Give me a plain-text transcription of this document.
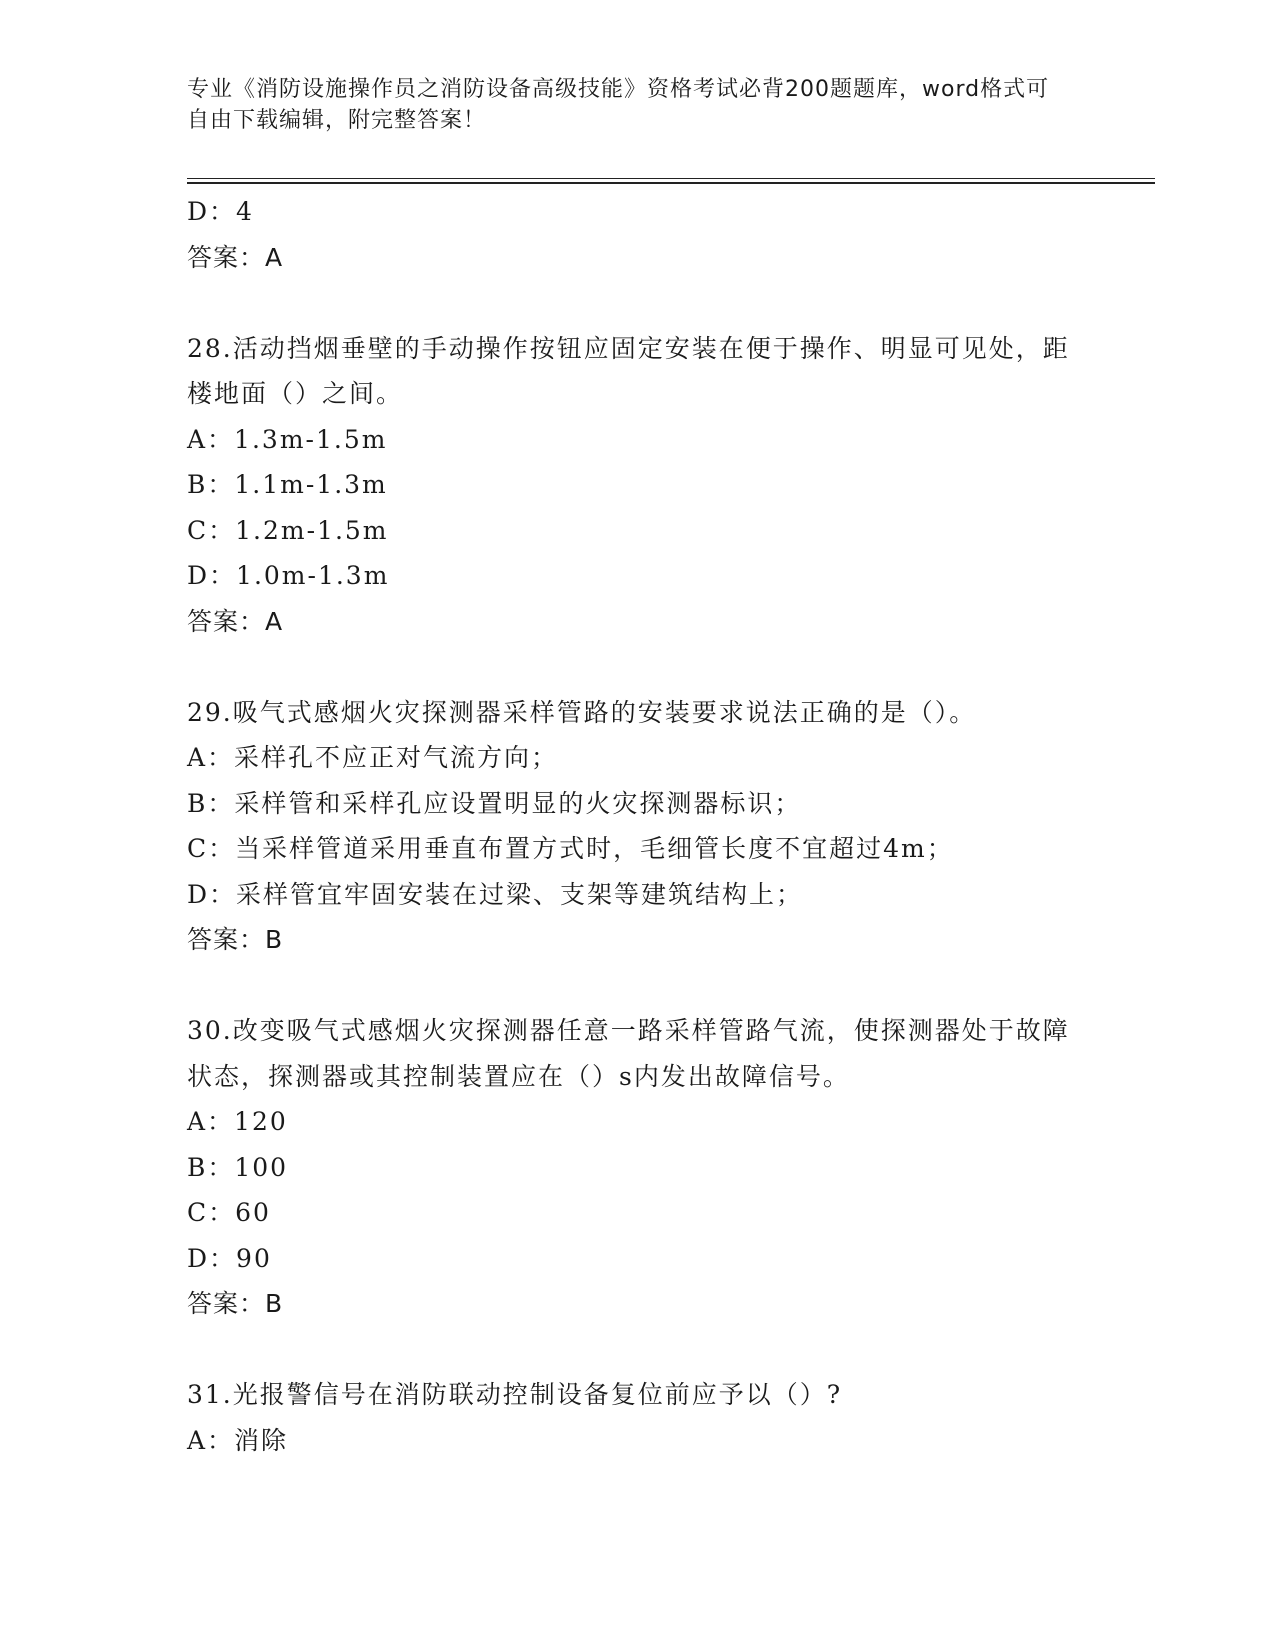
专业《消防设施操作员之消防设备高级技能》资格考试必背200题题库，word格式可自由下载编辑，附完整答案！
D：4
答案：A
28.活动挡烟垂壁的手动操作按钮应固定安装在便于操作、明显可见处，距楼地面（）之间。
A：1.3m-1.5m
B：1.1m-1.3m
C：1.2m-1.5m
D：1.0m-1.3m
答案：A
29.吸气式感烟火灾探测器采样管路的安装要求说法正确的是（）。
A：采样孔不应正对气流方向；
B：采样管和采样孔应设置明显的火灾探测器标识；
C：当采样管道采用垂直布置方式时，毛细管长度不宜超过4m；
D：采样管宜牢固安装在过梁、支架等建筑结构上；
答案：B
30.改变吸气式感烟火灾探测器任意一路采样管路气流，使探测器处于故障状态，探测器或其控制装置应在（）s内发出故障信号。
A：120
B：100
C：60
D：90
答案：B
31.光报警信号在消防联动控制设备复位前应予以（）?
A：消除
